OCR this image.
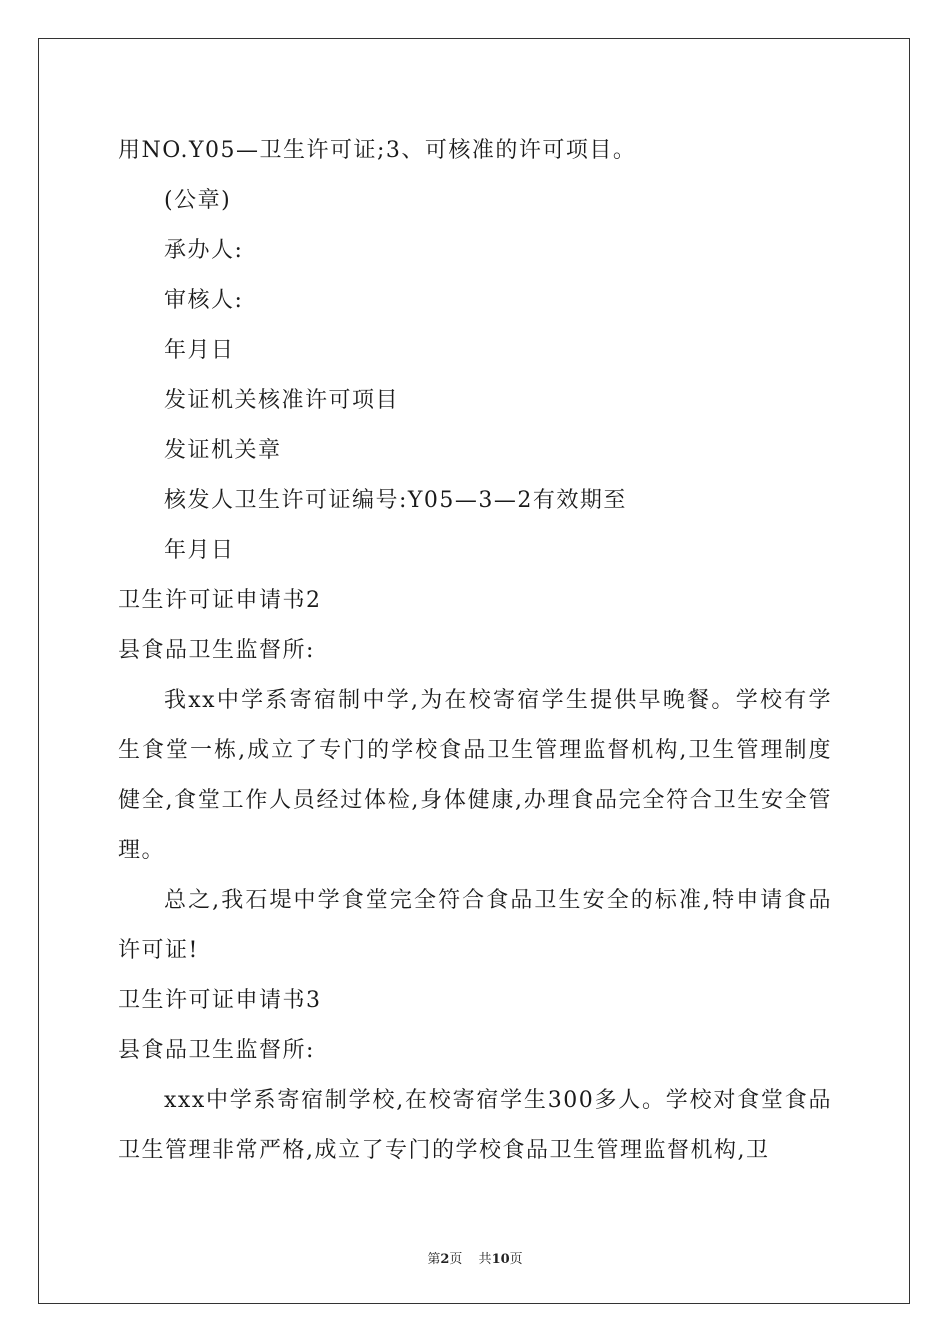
用NO.Y05—卫生许可证;3、可核准的许可项目。
(公章)
承办人:
审核人:
年月日
发证机关核准许可项目
发证机关章
核发人卫生许可证编号:Y05—3—2有效期至
年月日
卫生许可证申请书2
县食品卫生监督所:

我xx中学系寄宿制中学,为在校寄宿学生提供早晚餐。学校有学生食堂一栋,成立了专门的学校食品卫生管理监督机构,卫生管理制度健全,食堂工作人员经过体检,身体健康,办理食品完全符合卫生安全管理。

总之,我石堤中学食堂完全符合食品卫生安全的标准,特申请食品许可证!

卫生许可证申请书3
县食品卫生监督所:

xxx中学系寄宿制学校,在校寄宿学生300多人。学校对食堂食品卫生管理非常严格,成立了专门的学校食品卫生管理监督机构,卫

第2页 共10页
